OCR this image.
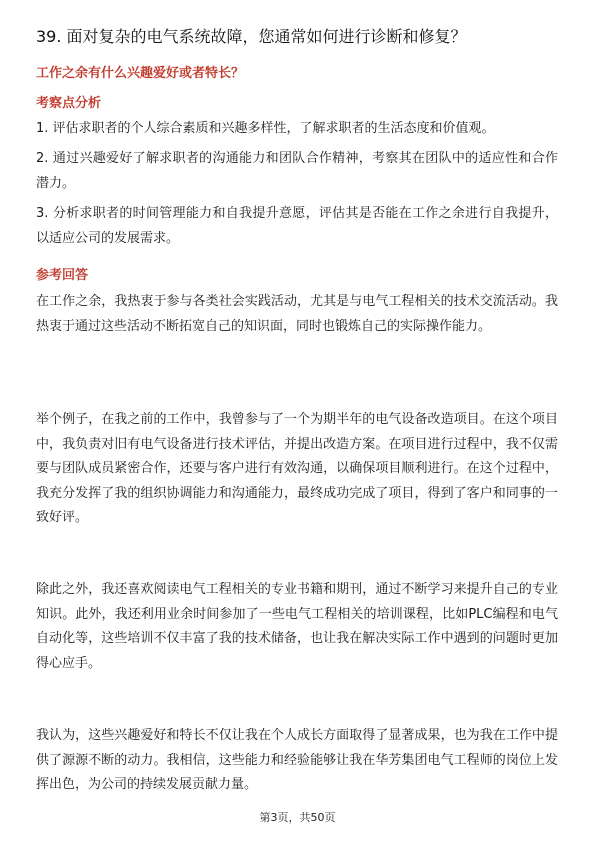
39. 面对复杂的电气系统故障，您通常如何进行诊断和修复？
工作之余有什么兴趣爱好或者特长？
考察点分析
1. 评估求职者的个人综合素质和兴趣多样性，了解求职者的生活态度和价值观。
2. 通过兴趣爱好了解求职者的沟通能力和团队合作精神，考察其在团队中的适应性和合作潜力。
3. 分析求职者的时间管理能力和自我提升意愿，评估其是否能在工作之余进行自我提升，以适应公司的发展需求。
参考回答
在工作之余，我热衷于参与各类社会实践活动，尤其是与电气工程相关的技术交流活动。我热衷于通过这些活动不断拓宽自己的知识面，同时也锻炼自己的实际操作能力。
举个例子，在我之前的工作中，我曾参与了一个为期半年的电气设备改造项目。在这个项目中，我负责对旧有电气设备进行技术评估，并提出改造方案。在项目进行过程中，我不仅需要与团队成员紧密合作，还要与客户进行有效沟通，以确保项目顺利进行。在这个过程中，我充分发挥了我的组织协调能力和沟通能力，最终成功完成了项目，得到了客户和同事的一致好评。
除此之外，我还喜欢阅读电气工程相关的专业书籍和期刊，通过不断学习来提升自己的专业知识。此外，我还利用业余时间参加了一些电气工程相关的培训课程，比如PLC编程和电气自动化等，这些培训不仅丰富了我的技术储备，也让我在解决实际工作中遇到的问题时更加得心应手。
我认为，这些兴趣爱好和特长不仅让我在个人成长方面取得了显著成果，也为我在工作中提供了源源不断的动力。我相信，这些能力和经验能够让我在华芳集团电气工程师的岗位上发挥出色，为公司的持续发展贡献力量。
第3页，共50页
